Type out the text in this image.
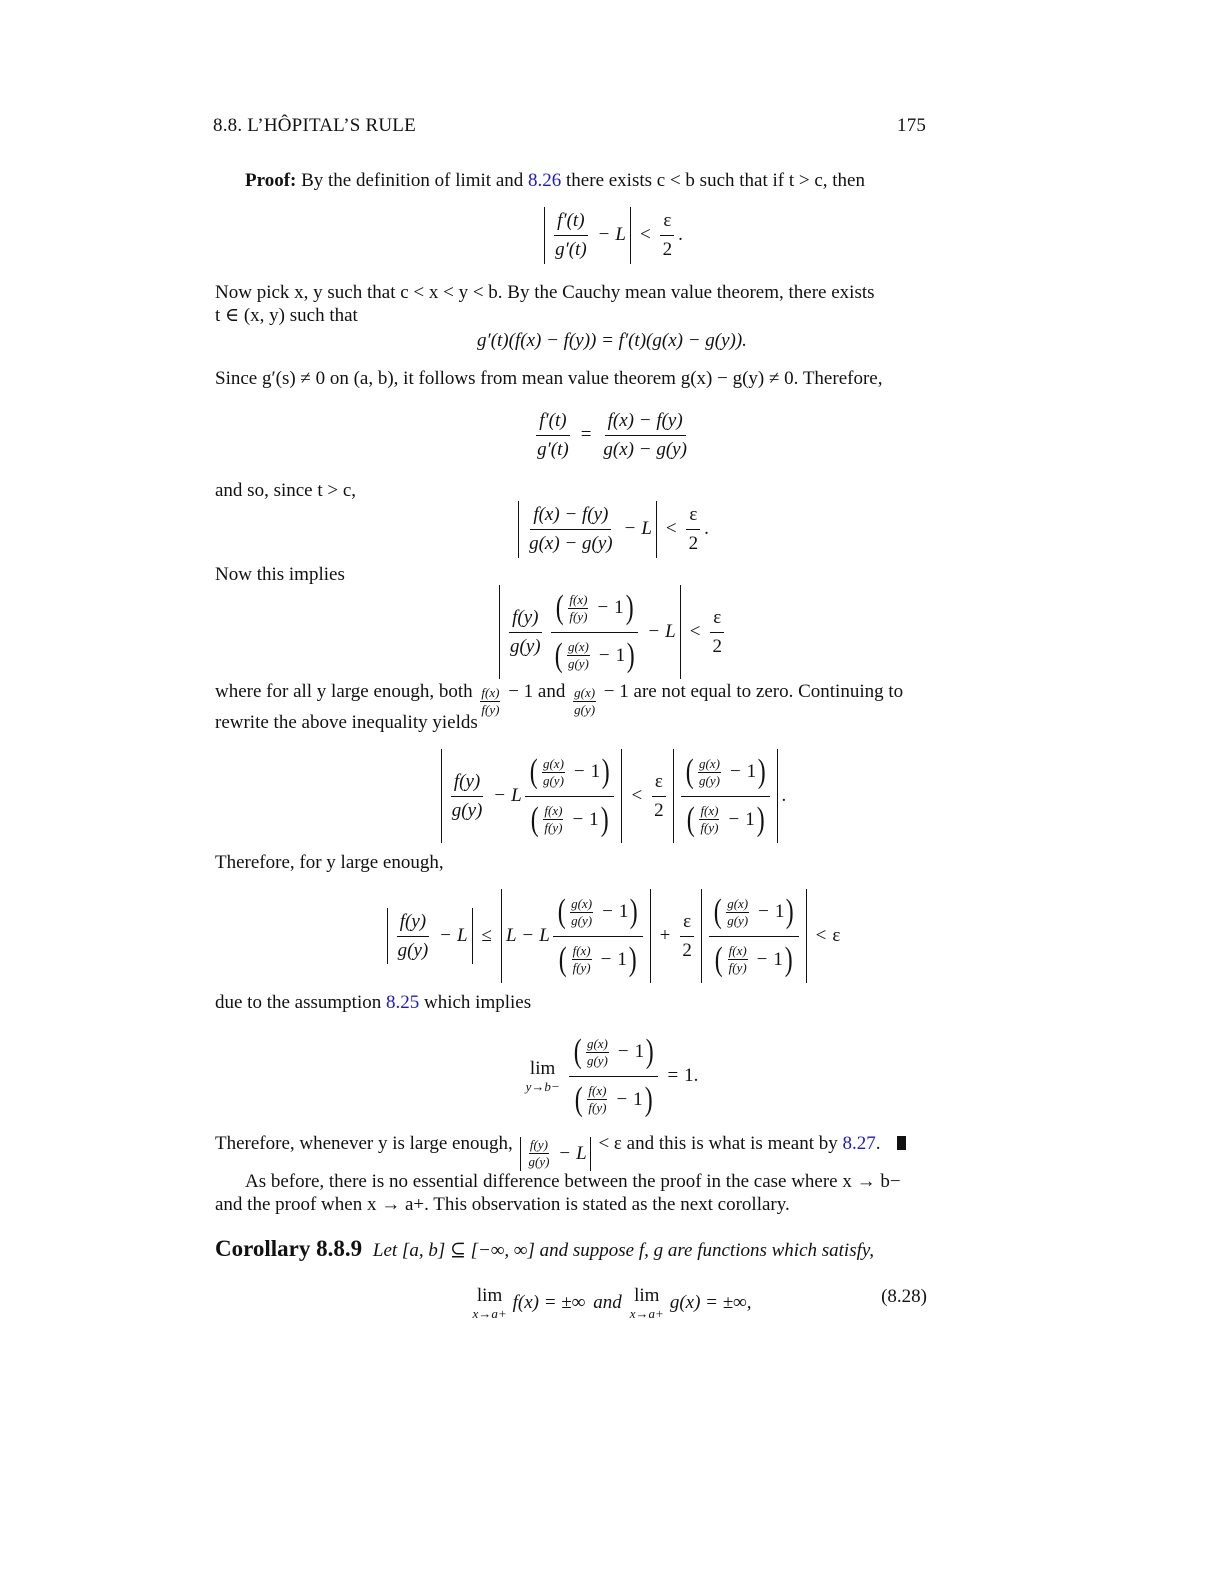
8.8. L’HÔPITAL’S RULE	175
Proof: By the definition of limit and 8.26 there exists c < b such that if t > c, then
$\frac{f'(t)}{g'(t)} - L < \frac{\varepsilon}{2}$ .
Now pick x, y such that c < x < y < b. By the Cauchy mean value theorem, there exists
t ∈ (x, y) such that
g′(t)(f(x) − f(y)) = f′(t)(g(x) − g(y)).
Since g′(s) ≠ 0 on (a, b), it follows from mean value theorem g(x) − g(y) ≠ 0. Therefore,
$\frac{f'(t)}{g'(t)} = \frac{f(x) - f(y)}{g(x) - g(y)}$
and so, since t > c,
$\frac{f(x) - f(y)}{g(x) - g(y)} - L < \frac{\varepsilon}{2}$ .
Now this implies
$\frac{f(y)}{g(y)}$ ( $\frac{f(x)}{f(y)} - 1$
)
( $\frac{g(x)}{g(y)} - 1$
) − $L < \frac{\varepsilon}{2}$
where for all y large enough, both $\frac{f(x)}{f(y)} - 1$ and $\frac{g(x)}{g(y)} - 1$ are not equal to zero. Continuing to
rewrite the above inequality yields
$\frac{f(y)}{g(y)} - L$ ( $\frac{g(x)}{g(y)} - 1$
)
( $\frac{f(x)}{f(y)} - 1$
) < $\frac{\varepsilon}{2}$ ( $\frac{g(x)}{g(y)} - 1$
)
( $\frac{f(x)}{f(y)} - 1$
) .
Therefore, for y large enough,
$\frac{f(y)}{g(y)} - L \le L - L$ ( $\frac{g(x)}{g(y)} - 1$
)
( $\frac{f(x)}{f(y)} - 1$
) + $\frac{\varepsilon}{2}$ ( $\frac{g(x)}{g(y)} - 1$
)
( $\frac{f(x)}{f(y)} - 1$
) < ε
due to the assumption 8.25 which implies
lim
y→b− ( $\frac{g(x)}{g(y)} - 1$
)
( $\frac{f(x)}{f(y)} - 1$
) = 1.
Therefore, whenever y is large enough, $\frac{f(y)}{g(y)} - L < \varepsilon$ and this is what is meant by 8.27.
As before, there is no essential difference between the proof in the case where x → b−
and the proof when x → a+. This observation is stated as the next corollary.
Corollary 8.8.9 Let [a, b] ⊆ [−∞, ∞] and suppose f, g are functions which satisfy,
lim
x→a+
f(x) = ±∞ and lim
x→a+
g(x) = ±∞,	(8.28)
